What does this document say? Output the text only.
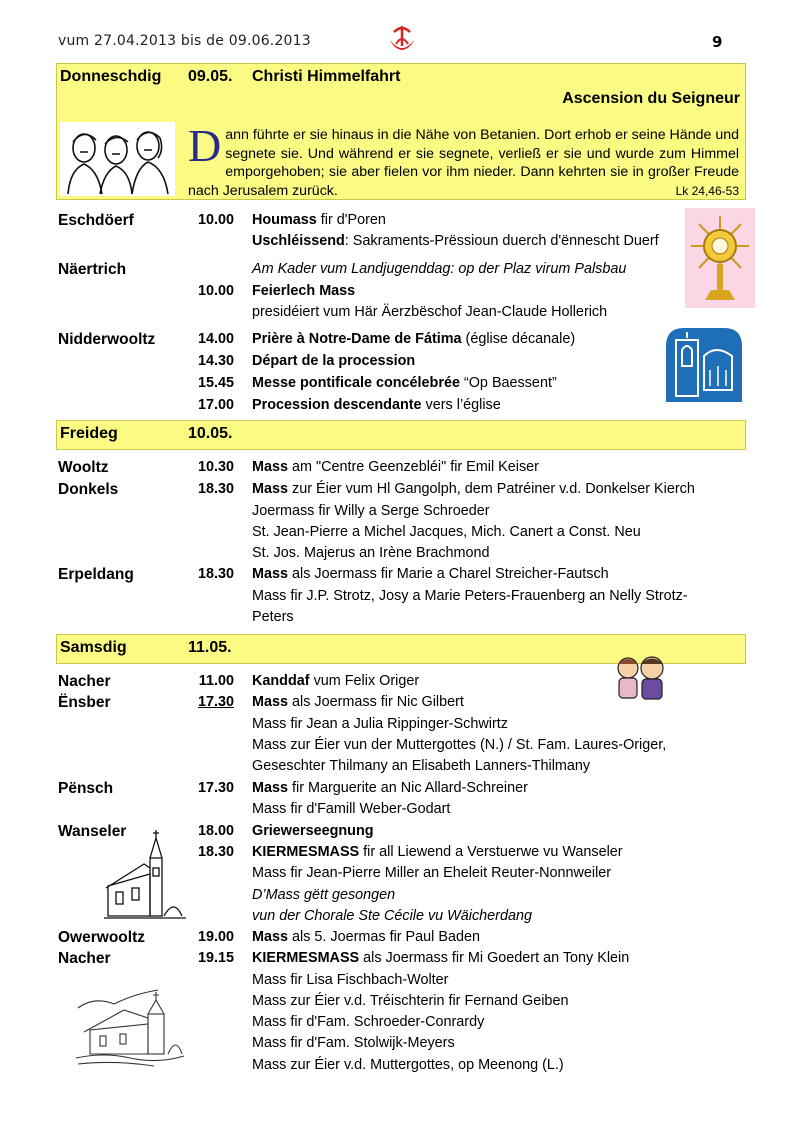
vum 27.04.2013 bis de 09.06.2013	9
Donneschdig 09.05. Christi Himmelfahrt
Ascension du Seigneur
Dann führte er sie hinaus in die Nähe von Betanien. Dort erhob er seine Hände und segnete sie. Und während er sie segnete, verließ er sie und wurde zum Himmel emporgehoben; sie aber fielen vor ihm nieder. Dann kehrten sie in großer Freude nach Jerusalem zurück.	Lk 24,46-53
Eschdöerf	10.00 Houmass fir d'Poren
Uschléissend: Sakraments-Prëssioun duerch d'ënnescht Duerf
Näertrich	Am Kader vum Landjugenddag: op der Plaz virum Palsbau
10.00 Feierlech Mass
presidéiert vum Här Äerzbëschof Jean-Claude Hollerich
Nidderwooltz	14.00 Prière à Notre-Dame de Fátima (église décanale)
14.30 Départ de la procession
15.45 Messe pontificale concélebrée “Op Baessent”
17.00 Procession descendante vers l’église
Freideg	10.05.
Wooltz	10.30 Mass am "Centre Geenzebléi" fir Emil Keiser
Donkels	18.30 Mass zur Éier vum Hl Gangolph, dem Patréiner v.d. Donkelser Kierch
Joermass fir Willy a Serge Schroeder
St. Jean-Pierre a Michel Jacques, Mich. Canert a Const. Neu
St. Jos. Majerus an Irène Brachmond
Erpeldang	18.30 Mass als Joermass fir Marie a Charel Streicher-Fautsch
Mass fir J.P. Strotz, Josy a Marie Peters-Frauenberg an Nelly Strotz-
Peters
Samsdig	11.05.
Nacher	11.00 Kanddaf vum Felix Origer
Ënsber	17.30 Mass als Joermass fir Nic Gilbert
Mass fir Jean a Julia Rippinger-Schwirtz
Mass zur Éier vun der Muttergottes (N.) / St. Fam. Laures-Origer,
Geseschter Thilmany an Elisabeth Lanners-Thilmany
Pënsch	17.30 Mass fir Marguerite an Nic Allard-Schreiner
Mass fir d'Famill Weber-Godart
Wanseler	18.00 Griewerseegnung
18.30 KIERMESMASS fir all Liewend a Verstuerwe vu Wanseler
Mass fir Jean-Pierre Miller an Eheleit Reuter-Nonnweiler
D’Mass gëtt gesongen
vun der Chorale Ste Cécile vu Wäicherdang
Owerwooltz	19.00 Mass als 5. Joermas fir Paul Baden
Nacher	19.15 KIERMESMASS als Joermass fir Mi Goedert an Tony Klein
Mass fir Lisa Fischbach-Wolter
Mass zur Éier v.d. Tréischterin fir Fernand Geiben
Mass fir d'Fam. Schroeder-Conrardy
Mass fir d'Fam. Stolwijk-Meyers
Mass zur Éier v.d. Muttergottes, op Meenong (L.)
